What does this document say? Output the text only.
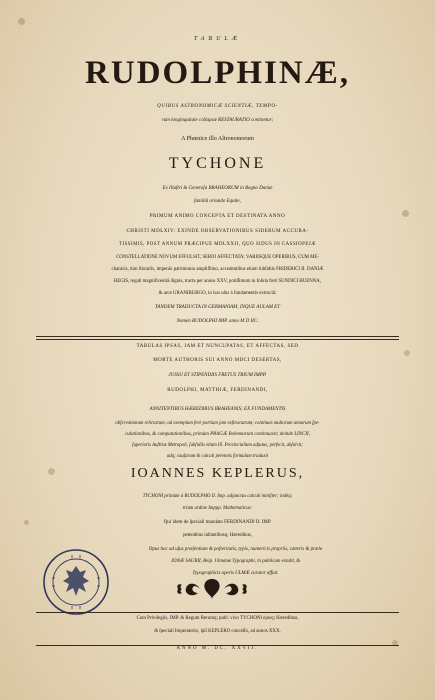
TABULÆ
RUDOLPHINÆ,
QUIBUS ASTRONOMICÆ SCIENTIÆ, TEMPO-
rum longinquitate collapsæ RESTAURATIO continetur;
A Phœnice illo Aſtronomorum
TYCHONE
Ex Illuſtri & Generoſa BRAHEORUM in Regno Daniæ
familiâ oriundo Equite,
PRIMUM ANIMO CONCEPTA ET DESTINATA ANNO
CHRISTI MDLXIV: EXINDE OBSERVATIONIBUS SIDERUM ACCURA-
TISSIMIS, POST ANNUM PRÆCIPUE MDLXXII, QUO SIDUS IN CASSIOPEJÆ
CONSTELLATIONE NOVUM EFFULSIT, SERIO AFFECTATA; VARIISQUE OPERIBUS, CUM ME-
chanicis, tùm librariis, impenſo patrimonio ampliſſimo, accedentibus etiam ſubſidiis FRIDERICI II. DANIÆ
REGIS, regali magnificentiâ dignis, tracta per annos XXV, potiſſimum in Inſula freti SUNDICI HUENNA,
& arce URANIBURGO, in hos uſus à fundamentis extructâ:
TANDEM TRADUCTA IN GERMANIAM, INQUE AULAM ET
Nomen RUDOLPHI IMP. anno M D IIC.
TABULAS IPSAS, JAM ET NUNCUPATAS, ET AFFECTAS, SED
MORTE AUTHORIS SUI ANNO MDCI DESERTAS,
JUSSU ET STIPENDIIS FRETUS TRIUM IMPP.
RUDOLPHI, MATTHIÆ, FERDINANDI,
ANNITENTIBUS HÆREDIBUS BRAHEANIS; EX FUNDAMENTIS
obſervationum relictarum; ad exemplum ferè partium jam exſtructarum; continuis multorum annorum ſpe-
culationibus, & computationibus, primùm PRAGÆ Bohemorum continuavit; deinde LINCII,
ſuperioris Auſtriæ Metropoli, ſubſidiis etiam Ill. Provincialium adjutus, perfecit, abſolvit;
adq; cauſarum & calculi perennis formulam traduxit
IOANNES KEPLERUS,
TYCHONI primùm à RUDOLPHO II. Imp. adjunctus calculi miniſter; indéq;
trium ordine Imppp. Mathematicus:
Qui idem de ſpeciali mandato FERDINANDI II. IMP.
petentibus inſtantibusq; Hæredibus,
Opus hoc ad uſus præſentium & poſteritatis, typis, numericis propriis, cæteris & prælo
JONÆ SAURII, Reip. Ulmanæ Typographi, in publicum extulit, &
Typographicis operis ULMÆ curator affuit.
Cum Privilegiis, IMP. & Regum Rerumq; publ. vivo TYCHONI ejusq; Hæredibus,
& ſpeciali Imperatorio, ipſi KEPLERO conceſſo, ad annos XXX.
ANNO M. DC. XXVII.
